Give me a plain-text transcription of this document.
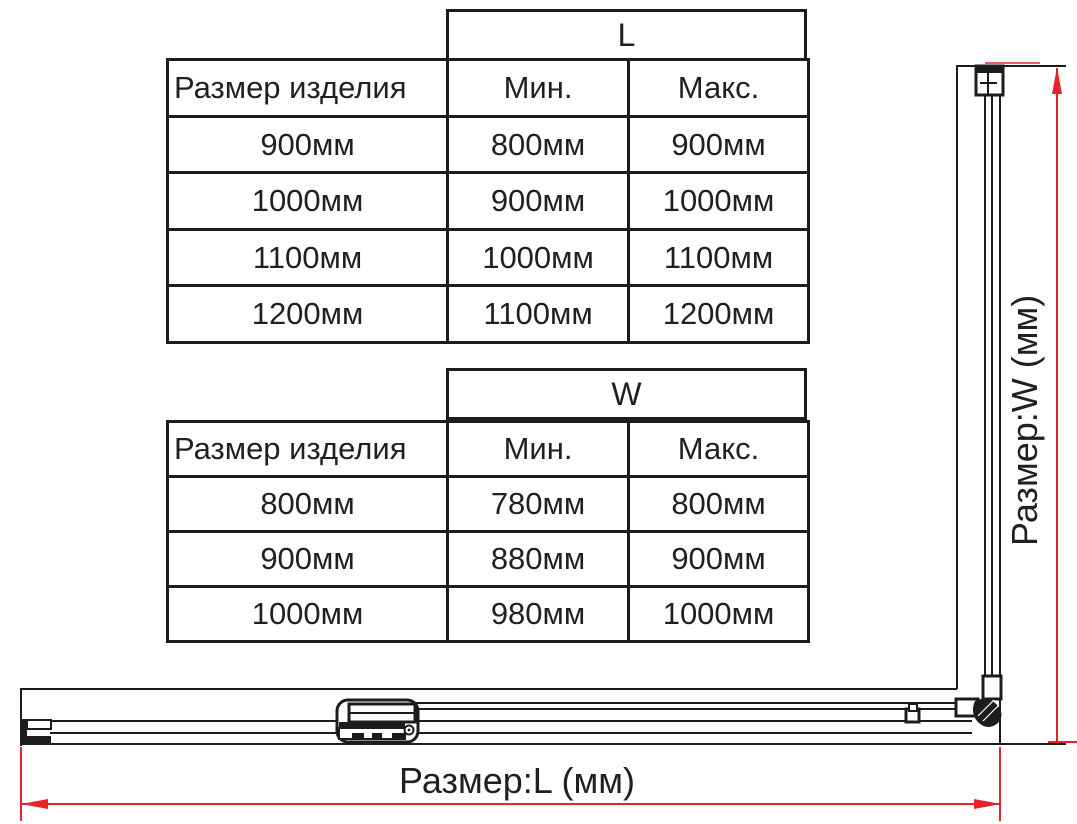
L
Размер изделия	Мин.	Макс.
900мм	800мм	900мм
1000мм	900мм	1000мм
1100мм	1000мм	1100мм
1200мм	1100мм	1200мм
W
Размер изделия	Мин.	Макс.
800мм	780мм	800мм
900мм	880мм	900мм
1000мм	980мм	1000мм
Размер:L (мм)
Размер:W (мм)
